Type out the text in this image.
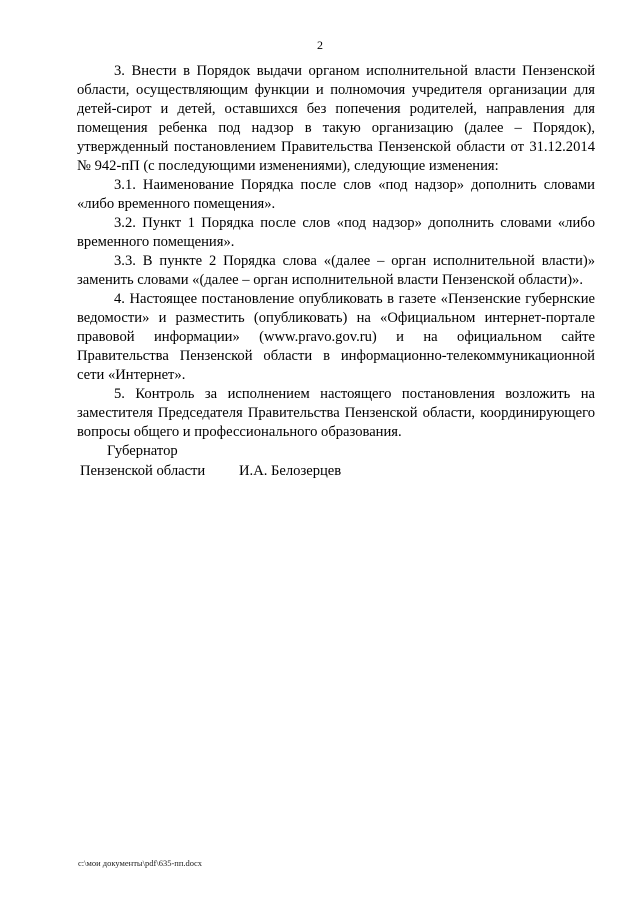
2

3. Внести в Порядок выдачи органом исполнительной власти Пензенской области, осуществляющим функции и полномочия учредителя организации для детей-сирот и детей, оставшихся без попечения родителей, направления для помещения ребенка под надзор в такую организацию (далее – Порядок), утвержденный постановлением Правительства Пензенской области от 31.12.2014 № 942-пП (с последующими изменениями), следующие изменения:

3.1. Наименование Порядка после слов «под надзор» дополнить словами «либо временного помещения».

3.2. Пункт 1 Порядка после слов «под надзор» дополнить словами «либо временного помещения».

3.3. В пункте 2 Порядка слова «(далее – орган исполнительной власти)» заменить словами «(далее – орган исполнительной власти Пензенской области)».

4. Настоящее постановление опубликовать в газете «Пензенские губернские ведомости» и разместить (опубликовать) на «Официальном интернет-портале правовой информации» (www.pravo.gov.ru) и на официальном сайте Правительства Пензенской области в информационно-телекоммуникационной сети «Интернет».

5. Контроль за исполнением настоящего постановления возложить на заместителя Председателя Правительства Пензенской области, координирующего вопросы общего и профессионального образования.

Губернатор
Пензенской области И.А. Белозерцев
c:\мои документы\pdf\635-пп.docx
